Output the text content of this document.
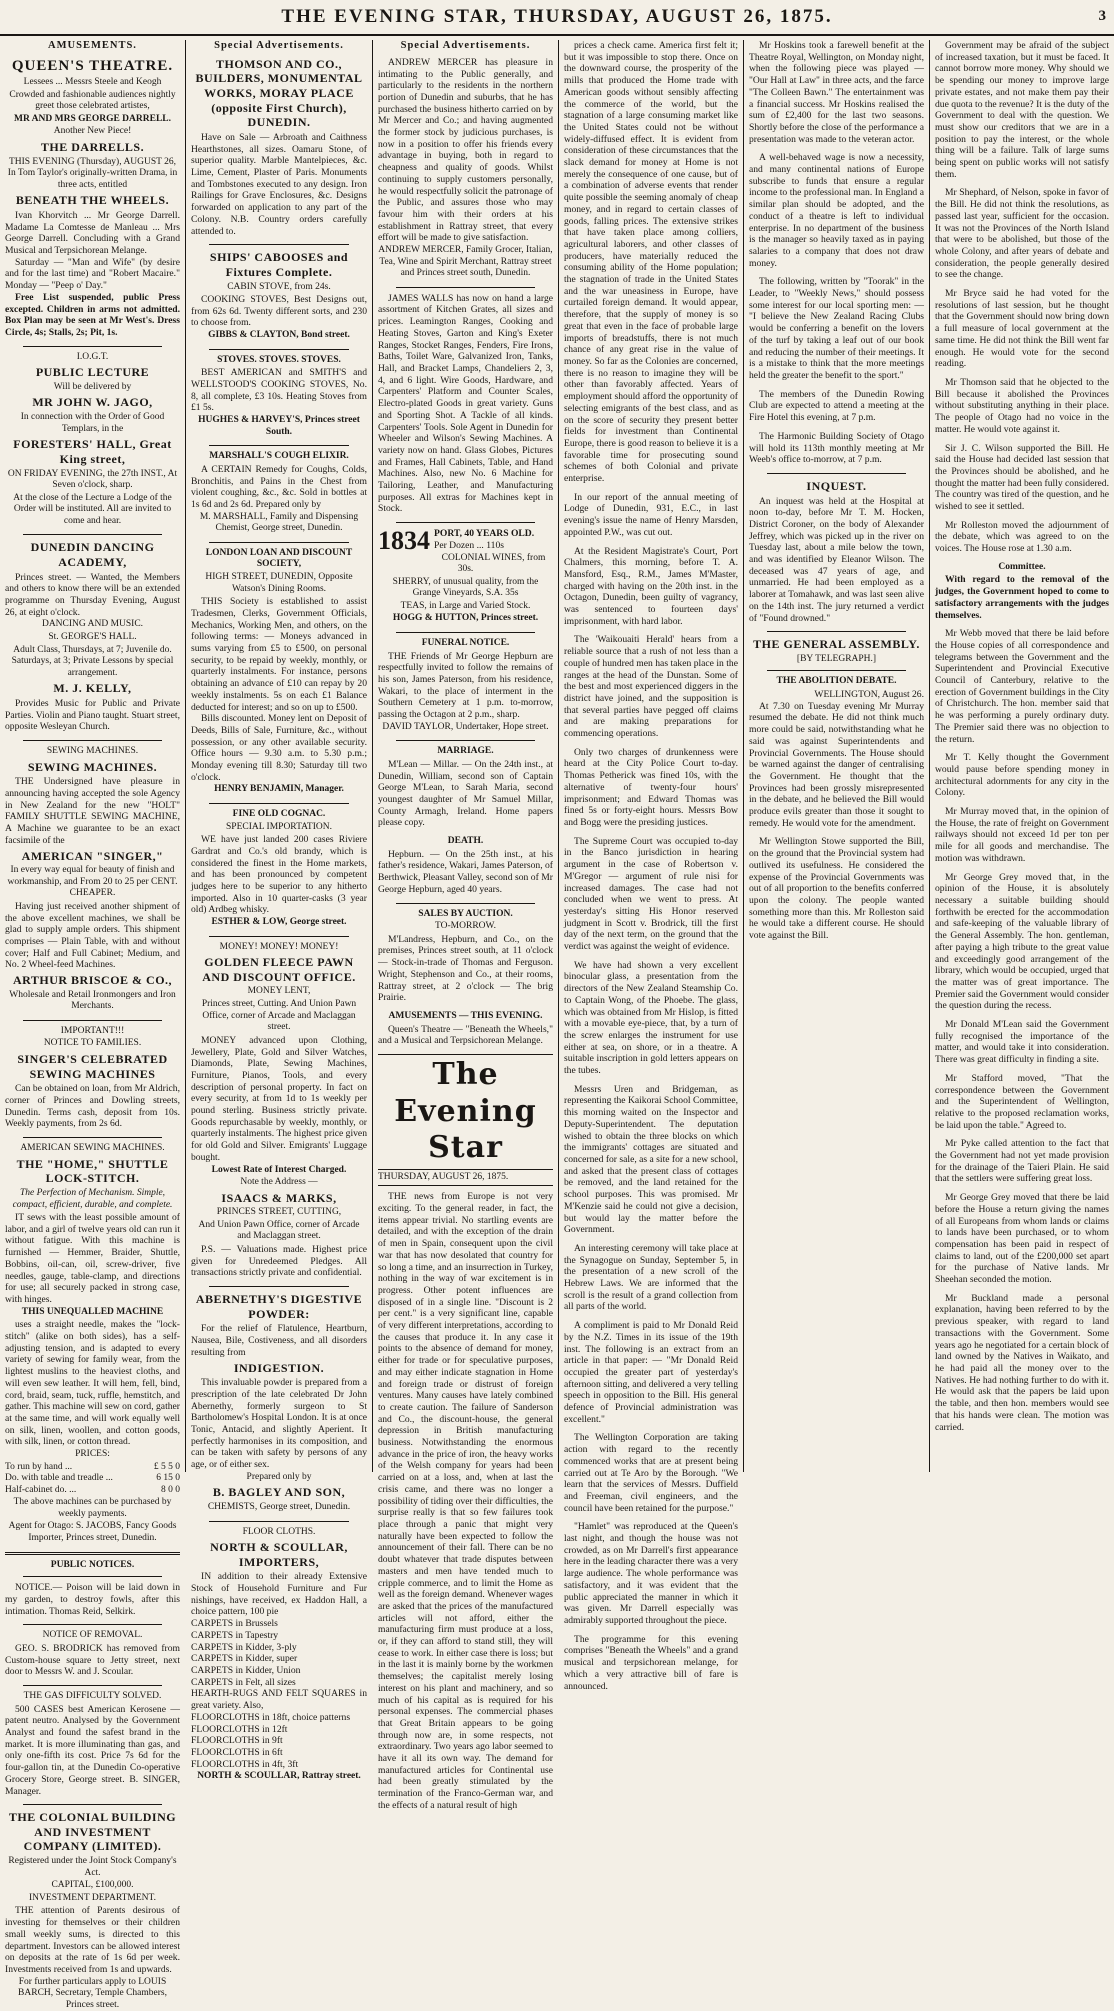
THE EVENING STAR, THURSDAY, AUGUST 26, 1875.	3
AMUSEMENTS.
QUEEN'S THEATRE.
Lessees ... Messrs Steele and Keogh
Crowded and fashionable audiences nightly greet those celebrated artistes,
MR AND MRS GEORGE DARRELL.
Another New Piece!
THE DARRELLS.
THIS EVENING (Thursday), AUGUST 26, In Tom Taylor's originally-written Drama, in three acts, entitled
BENEATH THE WHEELS.
Ivan Khorvitch ... Mr George Darrell. Madame La Comtesse de Manleau ... Mrs George Darrell. Concluding with a Grand Musical and Terpsichorean Melange.
Saturday — "Man and Wife" (by desire and for the last time) and "Robert Macaire." Monday — "Peep o' Day."
Free List suspended, public Press excepted. Children in arms not admitted. Box Plan may be seen at Mr West's. Dress Circle, 4s; Stalls, 2s; Pit, 1s.
I.O.G.T.
PUBLIC LECTURE
Will be delivered by
MR JOHN W. JAGO,
In connection with the Order of Good Templars, in the
FORESTERS' HALL, Great King street,
ON FRIDAY EVENING, the 27th INST., At Seven o'clock, sharp.
At the close of the Lecture a Lodge of the Order will be instituted. All are invited to come and hear.
DUNEDIN DANCING ACADEMY,
Princes street. — Wanted, the Members and others to know there will be an extended programme on Thursday Evening, August 26, at eight o'clock.
DANCING AND MUSIC.
St. GEORGE'S HALL.
Adult Class, Thursdays, at 7; Juvenile do. Saturdays, at 3; Private Lessons by special arrangement.
M. J. KELLY,
Provides Music for Public and Private Parties. Violin and Piano taught. Stuart street, opposite Wesleyan Church.
SEWING MACHINES.
SEWING MACHINES.
THE Undersigned have pleasure in announcing having accepted the sole Agency in New Zealand for the new "HOLT" FAMILY SHUTTLE SEWING MACHINE, A Machine we guarantee to be an exact facsimile of the
AMERICAN "SINGER,"
In every way equal for beauty of finish and workmanship, and From 20 to 25 per CENT. CHEAPER.
Having just received another shipment of the above excellent machines, we shall be glad to supply ample orders. This shipment comprises — Plain Table, with and without cover; Half and Full Cabinet; Medium, and No. 2 Wheel-feed Machines.
ARTHUR BRISCOE & CO.,
Wholesale and Retail Ironmongers and Iron Merchants.
IMPORTANT!!!
NOTICE TO FAMILIES.
SINGER'S CELEBRATED SEWING MACHINES
Can be obtained on loan, from Mr Aldrich, corner of Princes and Dowling streets, Dunedin. Terms cash, deposit from 10s. Weekly payments, from 2s 6d.
AMERICAN SEWING MACHINES.
THE "HOME," SHUTTLE LOCK-STITCH.
The Perfection of Mechanism. Simple, compact, efficient, durable, and complete.
IT sews with the least possible amount of labor, and a girl of twelve years old can run it without fatigue. With this machine is furnished — Hemmer, Braider, Shuttle, Bobbins, oil-can, oil, screw-driver, five needles, gauge, table-clamp, and directions for use; all securely packed in strong case, with hinges.
THIS UNEQUALLED MACHINE
uses a straight needle, makes the "lock-stitch" (alike on both sides), has a self-adjusting tension, and is adapted to every variety of sewing for family wear, from the lightest muslins to the heaviest cloths, and will even sew leather. It will hem, fell, bind, cord, braid, seam, tuck, ruffle, hemstitch, and gather. This machine will sew on cord, gather at the same time, and will work equally well on silk, linen, woollen, and cotton goods, with silk, linen, or cotton thread.
PRICES:
To run by hand ...	£ 5 5 0
Do. with table and treadle ...	6 15 0
Half-cabinet do. ...	8 0 0
The above machines can be purchased by weekly payments.
Agent for Otago: S. JACOBS, Fancy Goods Importer, Princes street, Dunedin.
PUBLIC NOTICES.
NOTICE.— Poison will be laid down in my garden, to destroy fowls, after this intimation. Thomas Reid, Selkirk.
NOTICE OF REMOVAL.
GEO. S. BRODRICK has removed from Custom-house square to Jetty street, next door to Messrs W. and J. Scoular.
THE GAS DIFFICULTY SOLVED.
500 CASES best American Kerosene — patent neutro. Analysed by the Government Analyst and found the safest brand in the market. It is more illuminating than gas, and only one-fifth its cost. Price 7s 6d for the four-gallon tin, at the Dunedin Co-operative Grocery Store, George street. B. SINGER, Manager.
THE COLONIAL BUILDING AND INVESTMENT COMPANY (LIMITED).
Registered under the Joint Stock Company's Act.
CAPITAL, £100,000.
INVESTMENT DEPARTMENT.
THE attention of Parents desirous of investing for themselves or their children small weekly sums, is directed to this department. Investors can be allowed interest on deposits at the rate of 1s 6d per week. Investments received from 1s and upwards.
For further particulars apply to LOUIS BARCH, Secretary, Temple Chambers, Princes street.
Special Advertisements.
THOMSON AND CO., BUILDERS, MONUMENTAL WORKS, MORAY PLACE (opposite First Church), DUNEDIN.
Have on Sale — Arbroath and Caithness Hearthstones, all sizes. Oamaru Stone, of superior quality. Marble Mantelpieces, &c. Lime, Cement, Plaster of Paris. Monuments and Tombstones executed to any design. Iron Railings for Grave Enclosures, &c. Designs forwarded on application to any part of the Colony. N.B. Country orders carefully attended to.
SHIPS' CABOOSES and Fixtures Complete.
CABIN STOVE, from 24s.
COOKING STOVES, Best Designs out, from 62s 6d. Twenty different sorts, and 230 to choose from.
GIBBS & CLAYTON, Bond street.
STOVES. STOVES. STOVES.
BEST AMERICAN and SMITH'S and WELLSTOOD'S COOKING STOVES, No. 8, all complete, £3 10s. Heating Stoves from £1 5s.
HUGHES & HARVEY'S, Princes street South.
MARSHALL'S COUGH ELIXIR.
A CERTAIN Remedy for Coughs, Colds, Bronchitis, and Pains in the Chest from violent coughing, &c., &c. Sold in bottles at 1s 6d and 2s 6d. Prepared only by
M. MARSHALL, Family and Dispensing Chemist, George street, Dunedin.
LONDON LOAN AND DISCOUNT SOCIETY,
HIGH STREET, DUNEDIN, Opposite Watson's Dining Rooms.
THIS Society is established to assist Tradesmen, Clerks, Government Officials, Mechanics, Working Men, and others, on the following terms: — Moneys advanced in sums varying from £5 to £500, on personal security, to be repaid by weekly, monthly, or quarterly instalments. For instance, persons obtaining an advance of £10 can repay by 20 weekly instalments. 5s on each £1 Balance deducted for interest; and so on up to £500.
Bills discounted. Money lent on Deposit of Deeds, Bills of Sale, Furniture, &c., without possession, or any other available security. Office hours — 9.30 a.m. to 5.30 p.m.; Monday evening till 8.30; Saturday till two o'clock.
HENRY BENJAMIN, Manager.
FINE OLD COGNAC.
SPECIAL IMPORTATION.
WE have just landed 200 cases Riviere Gardrat and Co.'s old brandy, which is considered the finest in the Home markets, and has been pronounced by competent judges here to be superior to any hitherto imported. Also in 10 quarter-casks (3 year old) Ardbeg whisky.
ESTHER & LOW, George street.
MONEY! MONEY! MONEY!
GOLDEN FLEECE PAWN AND DISCOUNT OFFICE.
MONEY LENT,
Princes street, Cutting. And Union Pawn Office, corner of Arcade and Maclaggan street.
MONEY advanced upon Clothing, Jewellery, Plate, Gold and Silver Watches, Diamonds, Plate, Sewing Machines, Furniture, Pianos, Tools, and every description of personal property. In fact on every security, at from 1d to 1s weekly per pound sterling. Business strictly private. Goods repurchasable by weekly, monthly, or quarterly instalments. The highest price given for old Gold and Silver. Emigrants' Luggage bought.
Lowest Rate of Interest Charged.
Note the Address —
ISAACS & MARKS,
PRINCES STREET, CUTTING,
And Union Pawn Office, corner of Arcade and Maclaggan street.
P.S. — Valuations made. Highest price given for Unredeemed Pledges. All transactions strictly private and confidential.
ABERNETHY'S DIGESTIVE POWDER:
For the relief of Flatulence, Heartburn, Nausea, Bile, Costiveness, and all disorders resulting from
INDIGESTION.
This invaluable powder is prepared from a prescription of the late celebrated Dr John Abernethy, formerly surgeon to St Bartholomew's Hospital London. It is at once Tonic, Antacid, and slightly Aperient. It perfectly harmonises in its composition, and can be taken with safety by persons of any age, or of either sex.
Prepared only by
B. BAGLEY AND SON,
CHEMISTS, George street, Dunedin.
FLOOR CLOTHS.
NORTH & SCOULLAR, IMPORTERS,
IN addition to their already Extensive Stock of Household Furniture and Fur nishings, have received, ex Haddon Hall, a choice pattern, 100 pie
CARPETS in Brussels
CARPETS in Tapestry
CARPETS in Kidder, 3-ply
CARPETS in Kidder, super
CARPETS in Kidder, Union
CARPETS in Felt, all sizes
HEARTH-RUGS AND FELT SQUARES in great variety. Also,
FLOORCLOTHS in 18ft, choice patterns
FLOORCLOTHS in 12ft
FLOORCLOTHS in 9ft
FLOORCLOTHS in 6ft
FLOORCLOTHS in 4ft, 3ft
NORTH & SCOULLAR, Rattray street.
Special Advertisements.
ANDREW MERCER has pleasure in intimating to the Public generally, and particularly to the residents in the northern portion of Dunedin and suburbs, that he has purchased the business hitherto carried on by Mr Mercer and Co.; and having augmented the former stock by judicious purchases, is now in a position to offer his friends every advantage in buying, both in regard to cheapness and quality of goods. Whilst continuing to supply customers personally, he would respectfully solicit the patronage of the Public, and assures those who may favour him with their orders at his establishment in Rattray street, that every effort will be made to give satisfaction.
ANDREW MERCER, Family Grocer, Italian, Tea, Wine and Spirit Merchant, Rattray street and Princes street south, Dunedin.
JAMES WALLS has now on hand a large assortment of Kitchen Grates, all sizes and prices. Leamington Ranges, Cooking and Heating Stoves, Garton and King's Exeter Ranges, Stocket Ranges, Fenders, Fire Irons, Baths, Toilet Ware, Galvanized Iron, Tanks, Hall, and Bracket Lamps, Chandeliers 2, 3, 4, and 6 light. Wire Goods, Hardware, and Carpenters' Platform and Counter Scales, Electro-plated Goods in great variety. Guns and Sporting Shot. A Tackle of all kinds. Carpenters' Tools. Sole Agent in Dunedin for Wheeler and Wilson's Sewing Machines. A variety now on hand. Glass Globes, Pictures and Frames, Hall Cabinets, Table, and Hand Machines. Also, new No. 6 Machine for Tailoring, Leather, and Manufacturing purposes. All extras for Machines kept in Stock.
1834 PORT, 40 YEARS OLD.
Per Dozen ... 110s
COLONIAL WINES, from 30s.
SHERRY, of unusual quality, from the Grange Vineyards, S.A. 35s
TEAS, in Large and Varied Stock.
HOGG & HUTTON, Princes street.
FUNERAL NOTICE.
THE Friends of Mr George Hepburn are respectfully invited to follow the remains of his son, James Paterson, from his residence, Wakari, to the place of interment in the Southern Cemetery at 1 p.m. to-morrow, passing the Octagon at 2 p.m., sharp.
DAVID TAYLOR, Undertaker, Hope street.
MARRIAGE.
M'Lean — Millar. — On the 24th inst., at Dunedin, William, second son of Captain George M'Lean, to Sarah Maria, second youngest daughter of Mr Samuel Millar, County Armagh, Ireland. Home papers please copy.
DEATH.
Hepburn. — On the 25th inst., at his father's residence, Wakari, James Paterson, of Berthwick, Pleasant Valley, second son of Mr George Hepburn, aged 40 years.
SALES BY AUCTION.
TO-MORROW.
M'Landress, Hepburn, and Co., on the premises, Princes street south, at 11 o'clock — Stock-in-trade of Thomas and Ferguson. Wright, Stephenson and Co., at their rooms, Rattray street, at 2 o'clock — The brig Prairie.
AMUSEMENTS — THIS EVENING.
Queen's Theatre — "Beneath the Wheels," and a Musical and Terpsichorean Melange.
The Evening Star
THURSDAY, AUGUST 26, 1875.
THE news from Europe is not very exciting. To the general reader, in fact, the items appear trivial. No startling events are detailed, and with the exception of the drain of men in Spain, consequent upon the civil war that has now desolated that country for so long a time, and an insurrection in Turkey, nothing in the way of war excitement is in progress. Other potent influences are disposed of in a single line. "Discount is 2 per cent." is a very significant line, capable of very different interpretations, according to the causes that produce it. In any case it points to the absence of demand for money, either for trade or for speculative purposes, and may either indicate stagnation in Home and foreign trade or distrust of foreign ventures. Many causes have lately combined to create caution. The failure of Sanderson and Co., the discount-house, the general depression in British manufacturing business. Notwithstanding the enormous advance in the price of iron, the heavy works of the Welsh company for years had been carried on at a loss, and, when at last the crisis came, and there was no longer a possibility of tiding over their difficulties, the surprise really is that so few failures took place through a panic that might very naturally have been expected to follow the announcement of their fall. There can be no doubt whatever that trade disputes between masters and men have tended much to cripple commerce, and to limit the Home as well as the foreign demand. Whenever wages are asked that the prices of the manufactured articles will not afford, either the manufacturing firm must produce at a loss, or, if they can afford to stand still, they will cease to work. In either case there is loss; but in the last it is mainly borne by the workmen themselves; the capitalist merely losing interest on his plant and machinery, and so much of his capital as is required for his personal expenses. The commercial phases that Great Britain appears to be going through now are, in some respects, not extraordinary. Two years ago labor seemed to have it all its own way. The demand for manufactured articles for Continental use had been greatly stimulated by the termination of the Franco-German war, and the effects of a natural result of high
prices a check came. America first felt it; but it was impossible to stop there. Once on the downward course, the prosperity of the mills that produced the Home trade with American goods without sensibly affecting the commerce of the world, but the stagnation of a large consuming market like the United States could not be without widely-diffused effect. It is evident from consideration of these circumstances that the slack demand for money at Home is not merely the consequence of one cause, but of a combination of adverse events that render quite possible the seeming anomaly of cheap money, and in regard to certain classes of goods, falling prices. The extensive strikes that have taken place among colliers, agricultural laborers, and other classes of producers, have materially reduced the consuming ability of the Home population; the stagnation of trade in the United States and the war uneasiness in Europe, have curtailed foreign demand. It would appear, therefore, that the supply of money is so great that even in the face of probable large imports of breadstuffs, there is not much chance of any great rise in the value of money. So far as the Colonies are concerned, there is no reason to imagine they will be other than favorably affected. Years of employment should afford the opportunity of selecting emigrants of the best class, and as on the score of security they present better fields for investment than Continental Europe, there is good reason to believe it is a favorable time for prosecuting sound schemes of both Colonial and private enterprise.
In our report of the annual meeting of Lodge of Dunedin, 931, E.C., in last evening's issue the name of Henry Marsden, appointed P.W., was cut out.
At the Resident Magistrate's Court, Port Chalmers, this morning, before T. A. Mansford, Esq., R.M., James M'Master, charged with having on the 20th inst. in the Octagon, Dunedin, been guilty of vagrancy, was sentenced to fourteen days' imprisonment, with hard labor.
The 'Waikouaiti Herald' hears from a reliable source that a rush of not less than a couple of hundred men has taken place in the ranges at the head of the Dunstan. Some of the best and most experienced diggers in the district have joined, and the supposition is that several parties have pegged off claims and are making preparations for commencing operations.
Only two charges of drunkenness were heard at the City Police Court to-day. Thomas Petherick was fined 10s, with the alternative of twenty-four hours' imprisonment; and Edward Thomas was fined 5s or forty-eight hours. Messrs Bow and Bogg were the presiding justices.
The Supreme Court was occupied to-day in the Banco jurisdiction in hearing argument in the case of Robertson v. M'Gregor — argument of rule nisi for increased damages. The case had not concluded when we went to press. At yesterday's sitting His Honor reserved judgment in Scott v. Brodrick, till the first day of the next term, on the ground that the verdict was against the weight of evidence.
We have had shown a very excellent binocular glass, a presentation from the directors of the New Zealand Steamship Co. to Captain Wong, of the Phoebe. The glass, which was obtained from Mr Hislop, is fitted with a movable eye-piece, that, by a turn of the screw enlarges the instrument for use either at sea, on shore, or in a theatre. A suitable inscription in gold letters appears on the tubes.
Messrs Uren and Bridgeman, as representing the Kaikorai School Committee, this morning waited on the Inspector and Deputy-Superintendent. The deputation wished to obtain the three blocks on which the immigrants' cottages are situated and concerned for sale, as a site for a new school, and asked that the present class of cottages be removed, and the land retained for the school purposes. This was promised. Mr M'Kenzie said he could not give a decision, but would lay the matter before the Government.
An interesting ceremony will take place at the Synagogue on Sunday, September 5, in the presentation of a new scroll of the Hebrew Laws. We are informed that the scroll is the result of a grand collection from all parts of the world.
A compliment is paid to Mr Donald Reid by the N.Z. Times in its issue of the 19th inst. The following is an extract from an article in that paper: — "Mr Donald Reid occupied the greater part of yesterday's afternoon sitting, and delivered a very telling speech in opposition to the Bill. His general defence of Provincial administration was excellent."
The Wellington Corporation are taking action with regard to the recently commenced works that are at present being carried out at Te Aro by the Borough. "We learn that the services of Messrs. Duffield and Freeman, civil engineers, and the council have been retained for the purpose."
"Hamlet" was reproduced at the Queen's last night, and though the house was not crowded, as on Mr Darrell's first appearance here in the leading character there was a very large audience. The whole performance was satisfactory, and it was evident that the public appreciated the manner in which it was given. Mr Darrell especially was admirably supported throughout the piece.
The programme for this evening comprises "Beneath the Wheels" and a grand musical and terpsichorean melange, for which a very attractive bill of fare is announced.
Mr Hoskins took a farewell benefit at the Theatre Royal, Wellington, on Monday night, when the following piece was played — "Our Hall at Law" in three acts, and the farce "The Colleen Bawn." The entertainment was a financial success. Mr Hoskins realised the sum of £2,400 for the last two seasons. Shortly before the close of the performance a presentation was made to the veteran actor.
A well-behaved wage is now a necessity, and many continental nations of Europe subscribe to funds that ensure a regular income to the professional man. In England a similar plan should be adopted, and the conduct of a theatre is left to individual enterprise. In no department of the business is the manager so heavily taxed as in paying salaries to a company that does not draw money.
The following, written by "Toorak" in the Leader, to "Weekly News," should possess some interest for our local sporting men: — "I believe the New Zealand Racing Clubs would be conferring a benefit on the lovers of the turf by taking a leaf out of our book and reducing the number of their meetings. It is a mistake to think that the more meetings held the greater the benefit to the sport."
The members of the Dunedin Rowing Club are expected to attend a meeting at the Fire Hotel this evening, at 7 p.m.
The Harmonic Building Society of Otago will hold its 113th monthly meeting at Mr Weeb's office to-morrow, at 7 p.m.
INQUEST.
An inquest was held at the Hospital at noon to-day, before Mr T. M. Hocken, District Coroner, on the body of Alexander Jeffrey, which was picked up in the river on Tuesday last, about a mile below the town, and was identified by Eleanor Wilson. The deceased was 47 years of age, and unmarried. He had been employed as a laborer at Tomahawk, and was last seen alive on the 14th inst. The jury returned a verdict of "Found drowned."
THE GENERAL ASSEMBLY.
[BY TELEGRAPH.]
THE ABOLITION DEBATE.
WELLINGTON, August 26.
At 7.30 on Tuesday evening Mr Murray resumed the debate. He did not think much more could be said, notwithstanding what he said was against Superintendents and Provincial Governments. The House should be warned against the danger of centralising the Government. He thought that the Provinces had been grossly misrepresented in the debate, and he believed the Bill would produce evils greater than those it sought to remedy. He would vote for the amendment.
Mr Wellington Stowe supported the Bill, on the ground that the Provincial system had outlived its usefulness. He considered the expense of the Provincial Governments was out of all proportion to the benefits conferred upon the colony. The people wanted something more than this. Mr Rolleston said he would take a different course. He should vote against the Bill.
Government may be afraid of the subject of increased taxation, but it must be faced. It cannot borrow more money. Why should we be spending our money to improve large private estates, and not make them pay their due quota to the revenue? It is the duty of the Government to deal with the question. We must show our creditors that we are in a position to pay the interest, or the whole thing will be a failure. Talk of large sums being spent on public works will not satisfy them.
Mr Shephard, of Nelson, spoke in favor of the Bill. He did not think the resolutions, as passed last year, sufficient for the occasion. It was not the Provinces of the North Island that were to be abolished, but those of the whole Colony, and after years of debate and consideration, the people generally desired to see the change.
Mr Bryce said he had voted for the resolutions of last session, but he thought that the Government should now bring down a full measure of local government at the same time. He did not think the Bill went far enough. He would vote for the second reading.
Mr Thomson said that he objected to the Bill because it abolished the Provinces without substituting anything in their place. The people of Otago had no voice in the matter. He would vote against it.
Sir J. C. Wilson supported the Bill. He said the House had decided last session that the Provinces should be abolished, and he thought the matter had been fully considered. The country was tired of the question, and he wished to see it settled.
Mr Rolleston moved the adjournment of the debate, which was agreed to on the voices. The House rose at 1.30 a.m.
Committee.
With regard to the removal of the judges, the Government hoped to come to satisfactory arrangements with the judges themselves.
Mr Webb moved that there be laid before the House copies of all correspondence and telegrams between the Government and the Superintendent and Provincial Executive Council of Canterbury, relative to the erection of Government buildings in the City of Christchurch. The hon. member said that he was performing a purely ordinary duty. The Premier said there was no objection to the return.
Mr T. Kelly thought the Government would pause before spending money in architectural adornments for any city in the Colony.
Mr Murray moved that, in the opinion of the House, the rate of freight on Government railways should not exceed 1d per ton per mile for all goods and merchandise. The motion was withdrawn.
Mr George Grey moved that, in the opinion of the House, it is absolutely necessary a suitable building should forthwith be erected for the accommodation and safe-keeping of the valuable library of the General Assembly. The hon. gentleman, after paying a high tribute to the great value and exceedingly good arrangement of the library, which would be occupied, urged that the matter was of great importance. The Premier said the Government would consider the question during the recess.
Mr Donald M'Lean said the Government fully recognised the importance of the matter, and would take it into consideration. There was great difficulty in finding a site.
Mr Stafford moved, "That the correspondence between the Government and the Superintendent of Wellington, relative to the proposed reclamation works, be laid upon the table." Agreed to.
Mr Pyke called attention to the fact that the Government had not yet made provision for the drainage of the Taieri Plain. He said that the settlers were suffering great loss.
Mr George Grey moved that there be laid before the House a return giving the names of all Europeans from whom lands or claims to lands have been purchased, or to whom compensation has been paid in respect of claims to land, out of the £200,000 set apart for the purchase of Native lands. Mr Sheehan seconded the motion.
Mr Buckland made a personal explanation, having been referred to by the previous speaker, with regard to land transactions with the Government. Some years ago he negotiated for a certain block of land owned by the Natives in Waikato, and he had paid all the money over to the Natives. He had nothing further to do with it. He would ask that the papers be laid upon the table, and then hon. members would see that his hands were clean. The motion was carried.
